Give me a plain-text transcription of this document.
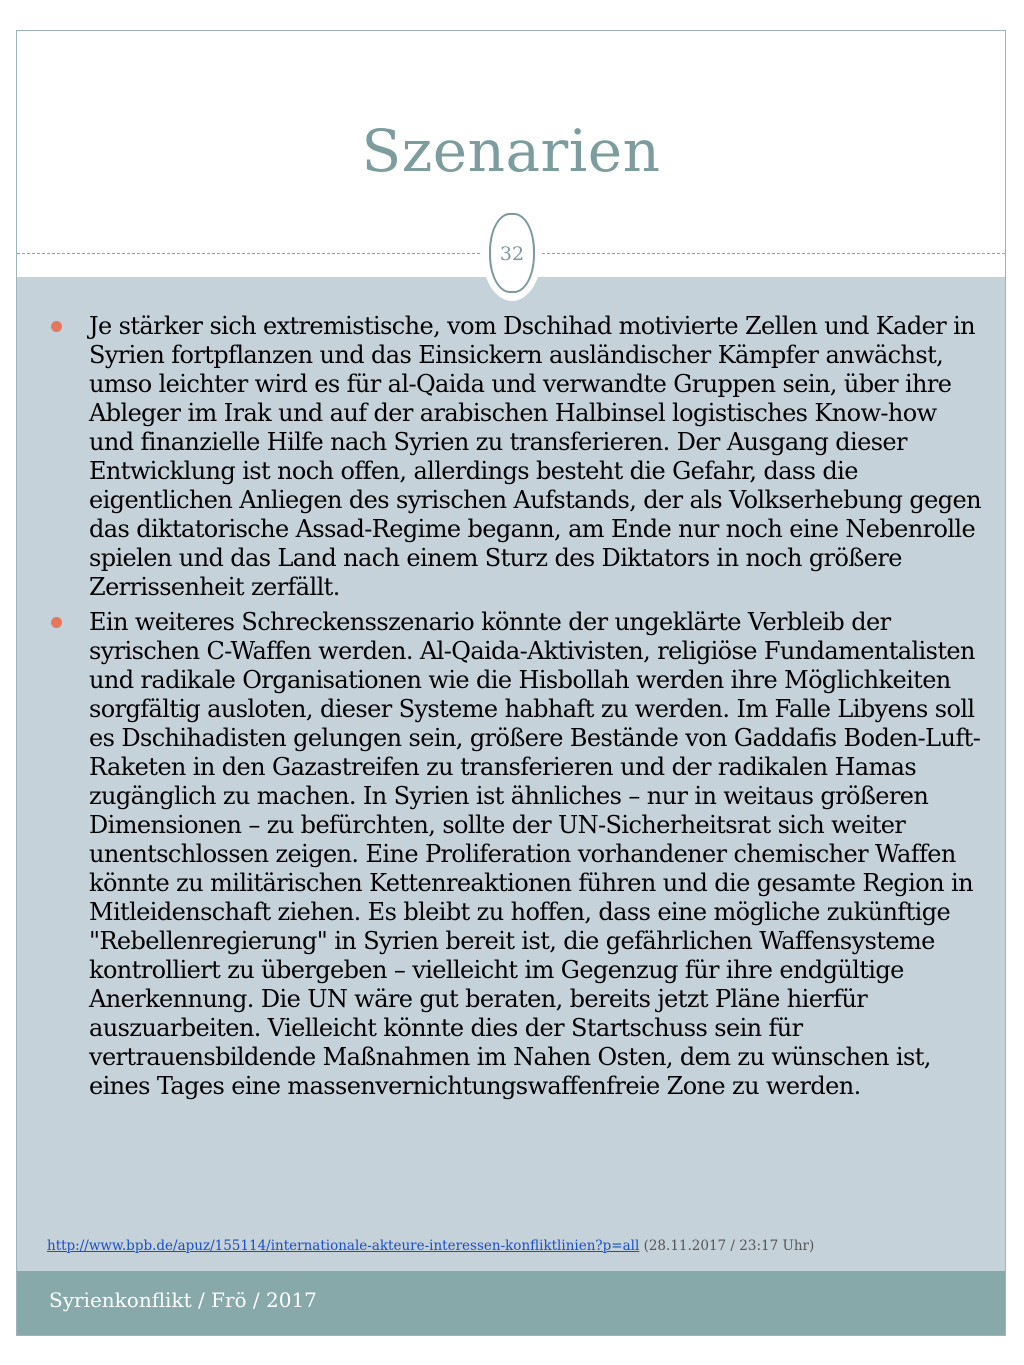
Szenarien
32
Je stärker sich extremistische, vom Dschihad motivierte Zellen und Kader in Syrien fortpflanzen und das Einsickern ausländischer Kämpfer anwächst, umso leichter wird es für al-Qaida und verwandte Gruppen sein, über ihre Ableger im Irak und auf der arabischen Halbinsel logistisches Know-how und finanzielle Hilfe nach Syrien zu transferieren. Der Ausgang dieser Entwicklung ist noch offen, allerdings besteht die Gefahr, dass die eigentlichen Anliegen des syrischen Aufstands, der als Volkserhebung gegen das diktatorische Assad-Regime begann, am Ende nur noch eine Nebenrolle spielen und das Land nach einem Sturz des Diktators in noch größere Zerrissenheit zerfällt.
Ein weiteres Schreckensszenario könnte der ungeklärte Verbleib der syrischen C-Waffen werden. Al-Qaida-Aktivisten, religiöse Fundamentalisten und radikale Organisationen wie die Hisbollah werden ihre Möglichkeiten sorgfältig ausloten, dieser Systeme habhaft zu werden. Im Falle Libyens soll es Dschihadisten gelungen sein, größere Bestände von Gaddafis Boden-Luft-Raketen in den Gazastreifen zu transferieren und der radikalen Hamas zugänglich zu machen. In Syrien ist ähnliches – nur in weitaus größeren Dimensionen – zu befürchten, sollte der UN-Sicherheitsrat sich weiter unentschlossen zeigen. Eine Proliferation vorhandener chemischer Waffen könnte zu militärischen Kettenreaktionen führen und die gesamte Region in Mitleidenschaft ziehen. Es bleibt zu hoffen, dass eine mögliche zukünftige "Rebellenregierung" in Syrien bereit ist, die gefährlichen Waffensysteme kontrolliert zu übergeben – vielleicht im Gegenzug für ihre endgültige Anerkennung. Die UN wäre gut beraten, bereits jetzt Pläne hierfür auszuarbeiten. Vielleicht könnte dies der Startschuss sein für vertrauensbildende Maßnahmen im Nahen Osten, dem zu wünschen ist, eines Tages eine massenvernichtungswaffenfreie Zone zu werden.
http://www.bpb.de/apuz/155114/internationale-akteure-interessen-konfliktlinien?p=all (28.11.2017 / 23:17 Uhr)
Syrienkonflikt / Frö / 2017
